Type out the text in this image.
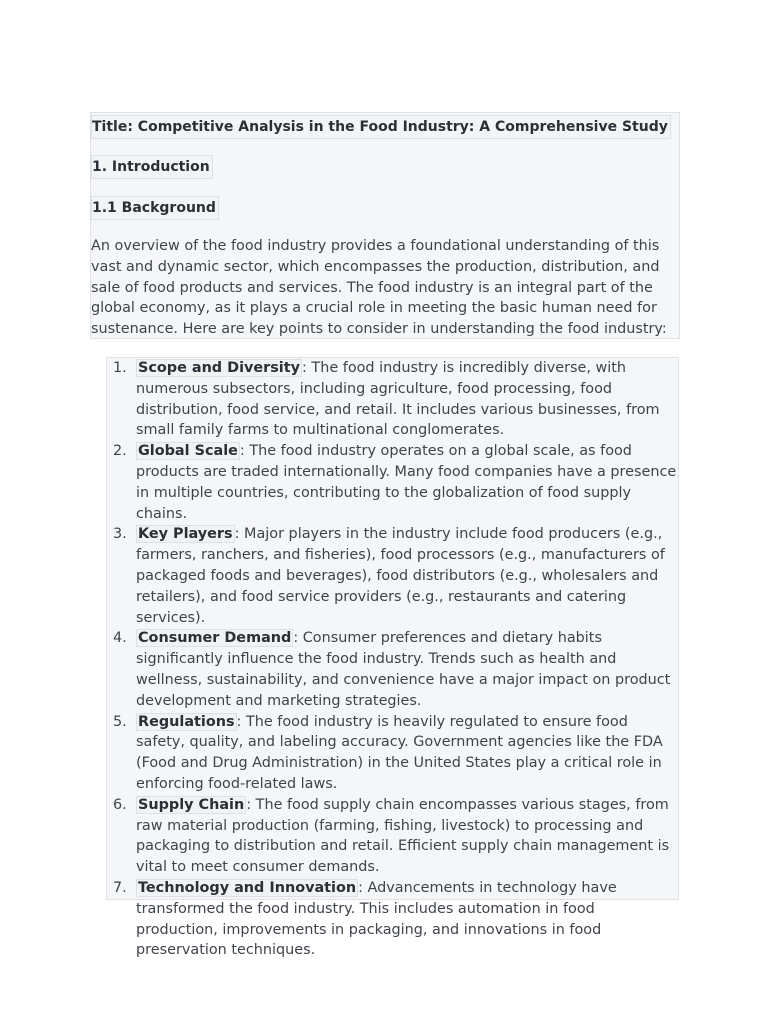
Title: Competitive Analysis in the Food Industry: A Comprehensive Study
1. Introduction
1.1 Background
An overview of the food industry provides a foundational understanding of this vast and dynamic sector, which encompasses the production, distribution, and sale of food products and services. The food industry is an integral part of the global economy, as it plays a crucial role in meeting the basic human need for sustenance. Here are key points to consider in understanding the food industry:
1. Scope and Diversity : The food industry is incredibly diverse, with numerous subsectors, including agriculture, food processing, food distribution, food service, and retail. It includes various businesses, from small family farms to multinational conglomerates.
2. Global Scale : The food industry operates on a global scale, as food products are traded internationally. Many food companies have a presence in multiple countries, contributing to the globalization of food supply chains.
3. Key Players : Major players in the industry include food producers (e.g., farmers, ranchers, and fisheries), food processors (e.g., manufacturers of packaged foods and beverages), food distributors (e.g., wholesalers and retailers), and food service providers (e.g., restaurants and catering services).
4. Consumer Demand : Consumer preferences and dietary habits significantly influence the food industry. Trends such as health and wellness, sustainability, and convenience have a major impact on product development and marketing strategies.
5. Regulations : The food industry is heavily regulated to ensure food safety, quality, and labeling accuracy. Government agencies like the FDA (Food and Drug Administration) in the United States play a critical role in enforcing food-related laws.
6. Supply Chain : The food supply chain encompasses various stages, from raw material production (farming, fishing, livestock) to processing and packaging to distribution and retail. Efficient supply chain management is vital to meet consumer demands.
7. Technology and Innovation : Advancements in technology have transformed the food industry. This includes automation in food production, improvements in packaging, and innovations in food preservation techniques.
